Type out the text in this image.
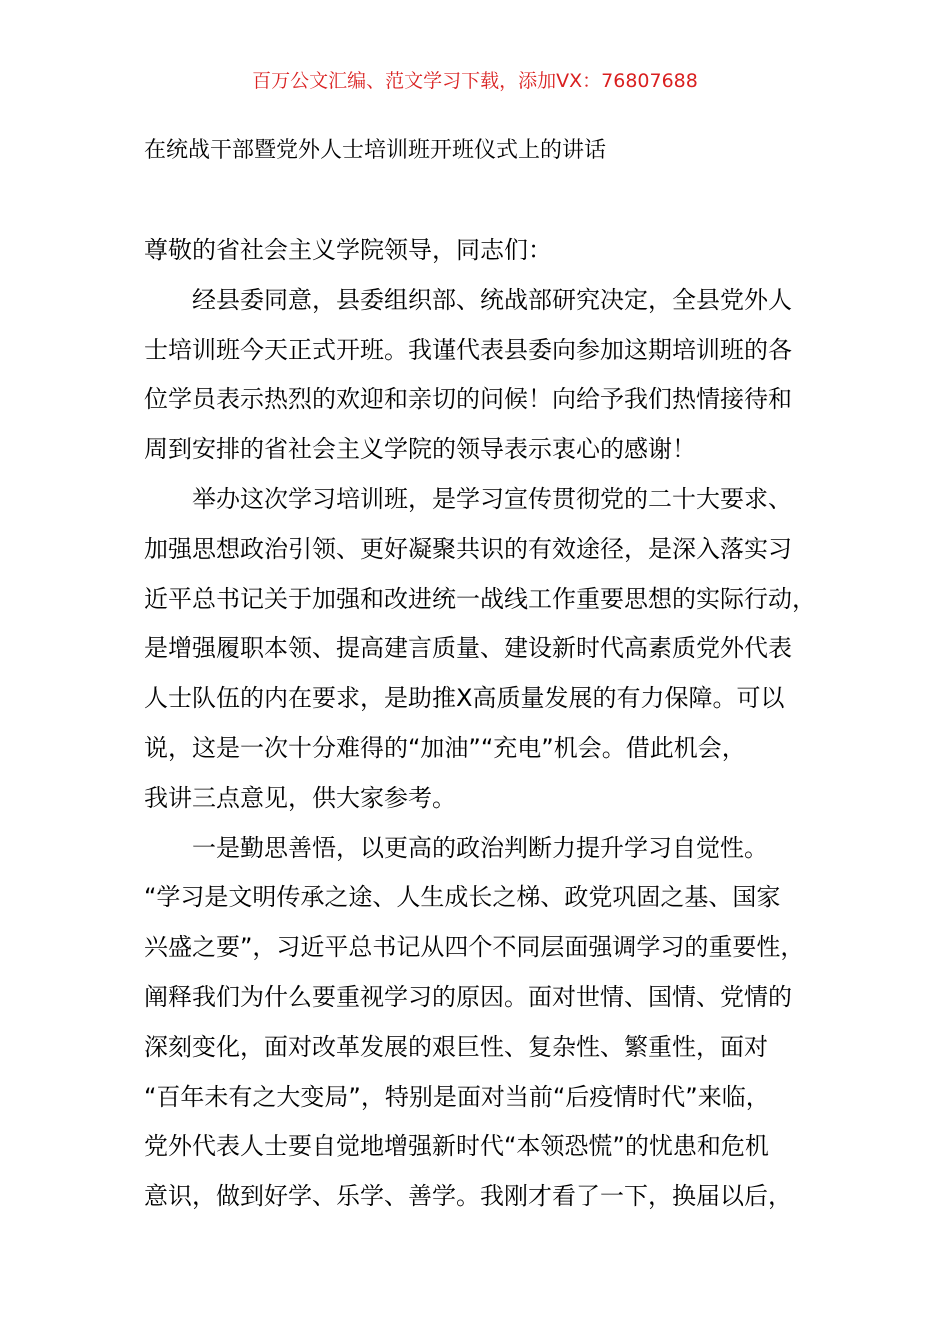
百万公文汇编、范文学习下载，添加VX：76807688
在统战干部暨党外人士培训班开班仪式上的讲话
尊敬的省社会主义学院领导，同志们：
经县委同意，县委组织部、统战部研究决定，全县党外人
士培训班今天正式开班。我谨代表县委向参加这期培训班的各
位学员表示热烈的欢迎和亲切的问候！向给予我们热情接待和
周到安排的省社会主义学院的领导表示衷心的感谢！
举办这次学习培训班，是学习宣传贯彻党的二十大要求、
加强思想政治引领、更好凝聚共识的有效途径，是深入落实习
近平总书记关于加强和改进统一战线工作重要思想的实际行动，
是增强履职本领、提高建言质量、建设新时代高素质党外代表
人士队伍的内在要求，是助推X高质量发展的有力保障。可以
说，这是一次十分难得的“加油”“充电”机会。借此机会，
我讲三点意见，供大家参考。
一是勤思善悟，以更高的政治判断力提升学习自觉性。
“学习是文明传承之途、人生成长之梯、政党巩固之基、国家
兴盛之要”，习近平总书记从四个不同层面强调学习的重要性，
阐释我们为什么要重视学习的原因。面对世情、国情、党情的
深刻变化，面对改革发展的艰巨性、复杂性、繁重性，面对
“百年未有之大变局”，特别是面对当前“后疫情时代”来临，
党外代表人士要自觉地增强新时代“本领恐慌”的忧患和危机
意识，做到好学、乐学、善学。我刚才看了一下，换届以后，
